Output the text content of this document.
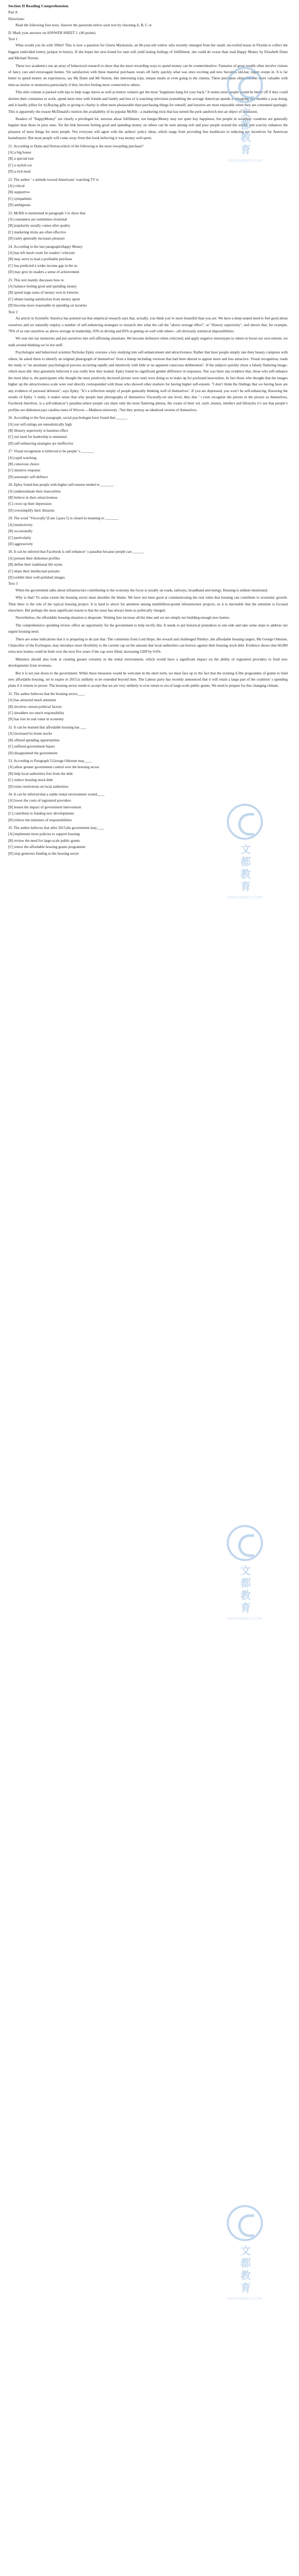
Section II Reading Comprehension

Part A

Directions:

Read the following four texts. Answer the questions below each text by choosing A, B, C or

D. Mark your answers on ANSWER SHEET 1. (40 points)

Text 1

What would you do with 590m? This is now a question for Gloria Mackenzie, an 84-year-old widow who recently emerged from her small, tin-roofed house in Florida to collect the biggest undivided lottery jackpot in history. If she hopes her new-found for tune will yield lasting feelings of fulfillment, she could do worse than read Happy Money by Elizabeth Dunn and Michael Norton.

These two academics use an array of behavioral research to show that the most rewarding ways to spend money can be counterintuitive. Fantasies of great wealth often involve visions of fancy cars and extravagant homes. Yet satisfaction with these material purchases wears off fairly quickly what was once exciting and new becomes old-hat; regret creeps in. It is far better to spend money on experiences, say Ms Dunn and Mr Norton, like interesting trips, unique meals or even going to the cinema. These purchases often become more valuable with time-as stories or memories-particularly if they involve feeling more connected to others.

This slim volume is packed with tips to help wage slaves as well as lottery winners get the most "happiness bang for your buck." It seems most people would be better off if they could shorten their commutes to work, spend more time with friends and family and less of it watching television (something the average American spends a whopping two months a year doing, and is hardly jollier for it).Buying gifts or giving to charity is often more pleasurable than purchasing things for oneself, and luxuries are most enjoyable when they are consumed sparingly. This is apparently the reason McDonald's restricts the availability of its popular McRib - a marketing trick that has turned the pork sandwich into an object of obsession.

Readers of "HappyMoney" are clearly a privileged lot, anxious about fulfillment, not hunger.Money may not quite buy happiness, but people in wealthier countries are generally happier than those in poor ones. Yet the link between feeling good and spending money on others can be seen among rich and poor people around the world, and scarcity enhances the pleasure of most things for most people. Not everyone will agree with the authors' policy ideas, which range from providing free healthcare to reducing tax incentives for American homebuyers. But most people will come away from this book believing it was money well spent.

21. According to Dunn and Norton,which of the following is the most rewarding purchase?

[A] a big house

[B] a special tour

[C] a stylish car

[D] a rich meal

22. The author ’ s attitude toward Americans’ watching TV is

[A] critical

[B] supportive

[C] sympathetic

[D] ambiguous

23. McRib is mentioned in paragraph 3 to show that

[A] consumers are sometimes irrational

[B] popularity usually comes after quality

[C] marketing tricks are often effective

[D] rarity generally increases pleasure

24. According to the last paragraph,Happy Money

[A] has left much room for readers’ criticism

[B] may serve to lead a profitable purchase

[C] has predicted a wider income gap in the us

[D] may give its readers a sense of achievement

25. This text mainly discusses how to

[A] balance feeling good and spending money

[B] spend large sums of money won in lotteries

[C] obtain lasting satisfaction from money spent

[D] become more reasonable in spending on luxuries

Text 2

An article in Scientific America has pointed out that empirical research says that, actually, you think you’re more beautiful than you are. We have a deep-seated need to feel good about ourselves and we naturally employ a number of self-enhancing strategies to research into what the call the "above average effect", or "illusory superiority", and shown that, for example, 70% of us rate ourselves as above average in leadership, 93% in driving and 85% at getting on well with others—all obviously statistical impossibilities.

We rose tint our memories and put ourselves into self-affirming situations. We become defensive when criticized, and apply negative stereotypes to others to boost our own esteem, we stalk around thinking we’re hot stuff.

Psychologist and behavioral scientist Nicholas Epley oversaw a key studying into self-enhancement and attractiveness. Rather that have people simply rate their beauty compress with others, he asked them to identify an original photograph of themselves’ from a lineup including versions that had been altered to appear more and less attractive. Visual recognition, reads the study, is "an automatic psychological process occurring rapidly and intuitively with little or no apparent conscious deliberation". If the subjects quickly chose a falsely flattering image-which most did- they genuinely believed it was really how they looked. Epley found no significant gender difference in responses. Nor was there any evidence that, those who self-enhance the most (that is, the participants who thought the most positively doctored picture were real) were doing so to make up for profound insecurities. In fact those who thought that the images higher up the attractiveness scale were real directly corresponded with those who showed other markers for having higher self-esteem. "I don’t think the findings that we having have are any evidence of personal delusion", says Epley. "It’s a reflection simply of people generally thinking well of themselves’. If you are depressed, you won’t be self-enhancing. Knowing the results of Epley ’s study, it makes sense that why people hate photographs of themselves Viscerally-on one level, they don ’ t even recognise the person in the picture as themselves, Facebook therefore, is a self-enhancer’s paradise,where people can share only the most flattering photos, the cream of their wit ,style ,beauty, intellect and lifestyles it’s not that people’s profiles are dishonest,says catalina toma of Wiscon —Madison university ,"but they portray an idealized version of themselves.

26. According to the first paragraph, social psychologist have found that ______

[A] our self-ratings are unrealistically high

[B] illusory superiority is baseless effect

[C] our need for leadership is unnatural

[D] self-enhancing strategies are ineffective

27. Visual recognition is believed to be people’ s _______

[A] rapid watching

[B] conscious choice

[C] intuitive response

[D] automatic self-defence

28. Epley found that people with higher self-esteem tended to _______

[A] underestimate their insecurities

[B] believe in their attractiveness

[C] cover up their depression

[D] oversimplify their illusions

29. The word "Viscerally"(Line 2,para 5) is closed in meaning to _______

[A] instinctively

[B] occasionally

[C] particularly

[D] aggressively

30. It can be inferred that Facebook is self-enhancer’ s paradise because people can ______

[A] present their dishonest profiles

[B] define their traditional life styles

[C] share their intellectual pursuits

[D] exhibit their well-polished images

Text 3

When the government talks about infrastructure contributing to the economy the focus is usually on roads, railways, broadband and energy. Housing is seldom mentioned.

Why is that? To some extent the housing sector must shoulder the blame. We have not been good at communicating the real value that housing can contribute to economic growth. Then there is the role of the typical housing project. It is hard to shove for attention among multibillion-pound infrastructure projects, so it is inevitable that the attention is focused elsewhere. But perhaps the most significant reason is that the issue has always been so politically charged.

Nevertheless, the affordable housing situation is desperate. Waiting lists increase all the time and we are simply not building enough new homes.

The comprehensive spending review offers an opportunity for the government to help rectify this. It needs to put historical prejudices to one side and take some steps to address our urgent housing need.

There are some indications that it is preparing to do just that. The comments from Lord Hope, the reward and challenged Nimbys ,the affordable housing targets, Ms George Osborne, Chancellor of the Exchequer, may introduce more flexibility to the current cap on the amount that local authorities can borrow against their housing stock debt. Evidence shows that 60,000 extra new homes could be built over the next five years if the cap were lifted, increasing GDP by 0.6%.

Ministers should also look at creating greater certainty in the rental environment, which would have a significant impact on the ability of registered providers to fund new developments from revenues.

But it is not just down to the government. While these measures would be welcome in the short term, we must face up to the fact that the existing 4.5bn programme of grants to fund new affordable housing, set to expire in 2015,is unlikely to be extended beyond then. The Labour party has recently announced that it will retain a large part of the coalition’ s spending plans if it returns to power. The housing sector needs to accept that we are very unlikely to ever return to era of large-scale public grants. We need to prepare for this changing climate.

31. The author believes that the housing sector____

[A] has attracted much attention

[B] involves certain political factors

[C] shoulders too much responsibility

[D] has lost its real value in economy

32. It can be learned that affordable housing has ___

[A] increased its home stocks

[B] offered spending opportunities

[C] suffered government biases

[D] disappointed the government

33. According to Paragraph 5,George Osborne may____

[A] allow greater government control over the housing sector

[B] help local authorities free from the debt

[C] reduce housing stock debt

[D] relax restrictions on local authorities

34. It can be inferred that a stable rental environment would____

[A] lower the costs of registered providers

[B] lessen the impact of government intervention

[C] contribute to funding new developments

[D] relieve the ministers of responsibilities

35. The author believes that after 2015,the government may____

[A] implement more policies to support housing

[B] review the need for large-scale public grants

[C] renew the affordable housing grants programme

[D] stop generous funding to the housing sector

文都教育
WWW.WENDU.COM
文都教育
WWW.WENDU.COM
文都教育
WWW.WENDU.COM
文都教育
WWW.WENDU.COM
